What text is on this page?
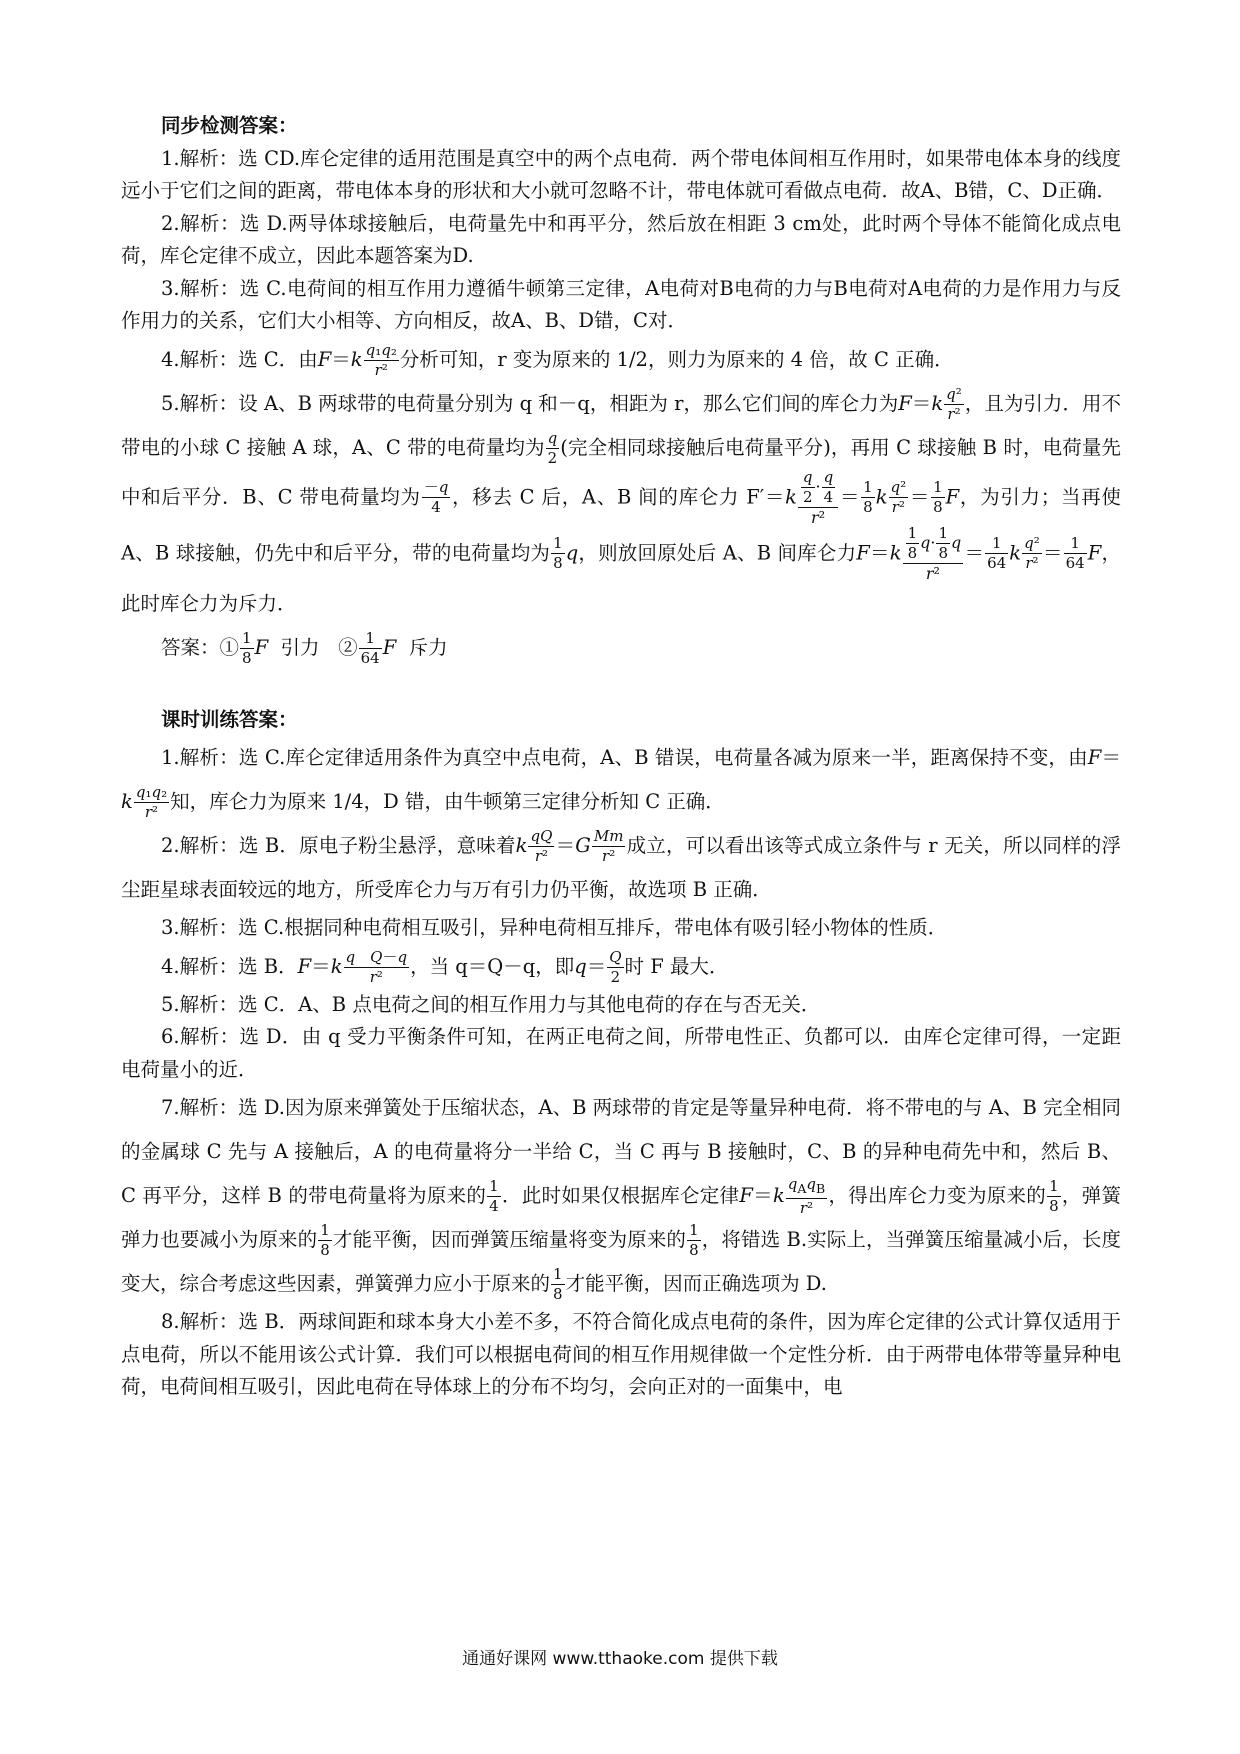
同步检测答案：

1.解析：选 CD.库仑定律的适用范围是真空中的两个点电荷．两个带电体间相互作用时，如果带电体本身的线度远小于它们之间的距离，带电体本身的形状和大小就可忽略不计，带电体就可看做点电荷．故A、B错，C、D正确．

2.解析：选 D.两导体球接触后，电荷量先中和再平分，然后放在相距 3 cm处，此时两个导体不能简化成点电荷，库仑定律不成立，因此本题答案为D.

3.解析：选 C.电荷间的相互作用力遵循牛顿第三定律，A电荷对B电荷的力与B电荷对A电荷的力是作用力与反作用力的关系，它们大小相等、方向相反，故A、B、D错，C对．

4.解析：选 C．由$F=k \frac{\text{q₁q₂}}{\text{r²}}$ 分析可知，r 变为原来的 1/2，则力为原来的 4 倍，故 C 正确．

5.解析：设 A、B 两球带的电荷量分别为 q 和－q，相距为 r，那么它们间的库仑力为$F=k \frac{\text{q²}}{\text{r²}}$ ，且为引力．用不带电的小球 C 接触 A 球，A、C 带的电荷量均为 $\frac{q}{2}$ (完全相同球接触后电荷量平分)，再用 C 球接触 B 时，电荷量先中和后平分．B、C 带电荷量均为 $\frac{-q}{4}$ ，移去 C 后，A、B 间的库仑力 $F'=k \frac{\frac{q}{2} \cdot \frac{q}{4}}{\text{r²}} = \frac{1}{8}$ k $\frac{\text{q²}}{\text{r²}} = \frac{1}{8}$ F，为引力；当再使 A、B 球接触，仍先中和后平分，带的电荷量均为 $\frac{1}{8}$ q，则放回原处后 A、B 间库仑力$F=k \frac{\frac{1}{8} q\cdot \frac{1}{8} q}{\text{r²}} = \frac{1}{64}$ k $\frac{\text{q²}}{\text{r²}} = \frac{1}{64}$ F，此时库仑力为斥力．

答案：① $\frac{1}{8}$ F 引力 ② $\frac{1}{64}$ F 斥力

课时训练答案：

1.解析：选 C.库仑定律适用条件为真空中点电荷，A、B 错误，电荷量各减为原来一半，距离保持不变，由$F=k \frac{\text{q₁q₂}}{\text{r²}}$ 知，库仑力为原来 1/4，D 错，由牛顿第三定律分析知 C 正确．

2.解析：选 B．原电子粉尘悬浮，意味着k $\frac{qQ}{\text{r²}} =G \frac{Mm}{\text{r²}}$ 成立，可以看出该等式成立条件与 r 无关，所以同样的浮尘距星球表面较远的地方，所受库仑力与万有引力仍平衡，故选项 B 正确．

3.解析：选 C.根据同种电荷相互吸引，异种电荷相互排斥，带电体有吸引轻小物体的性质．

4.解析：选 B．$F=k \frac{\text{q　 Q－q}}{\text{r²}}$ ，当 q＝Q－q，即$q= \frac{Q}{2}$ 时 F 最大．

5.解析：选 C．A、B 点电荷之间的相互作用力与其他电荷的存在与否无关．

6.解析：选 D．由 q 受力平衡条件可知，在两正电荷之间，所带电性正、负都可以．由库仑定律可得，一定距电荷量小的近．

7.解析：选 D.因为原来弹簧处于压缩状态，A、B 两球带的肯定是等量异种电荷．将不带电的与 A、B 完全相同的金属球 C 先与 A 接触后，A 的电荷量将分一半给 C，当 C 再与 B 接触时，C、B 的异种电荷先中和，然后 B、C 再平分，这样 B 的带电荷量将为原来的 $\frac{1}{4}$ ．此时如果仅根据库仑定律$F=k \frac{q_Aq_B}{\text{r²}}$ ，得出库仑力变为原来的 $\frac{1}{8}$ ，弹簧弹力也要减小为原来的 $\frac{1}{8}$ 才能平衡，因而弹簧压缩量将变为原来的 $\frac{1}{8}$ ，将错选 B.实际上，当弹簧压缩量减小后，长度变大，综合考虑这些因素，弹簧弹力应小于原来的 $\frac{1}{8}$ 才能平衡，因而正确选项为 D.

8.解析：选 B．两球间距和球本身大小差不多，不符合简化成点电荷的条件，因为库仑定律的公式计算仅适用于点电荷，所以不能用该公式计算．我们可以根据电荷间的相互作用规律做一个定性分析．由于两带电体带等量异种电荷，电荷间相互吸引，因此电荷在导体球上的分布不均匀，会向正对的一面集中，电

通通好课网 www.tthaoke.com 提供下载
